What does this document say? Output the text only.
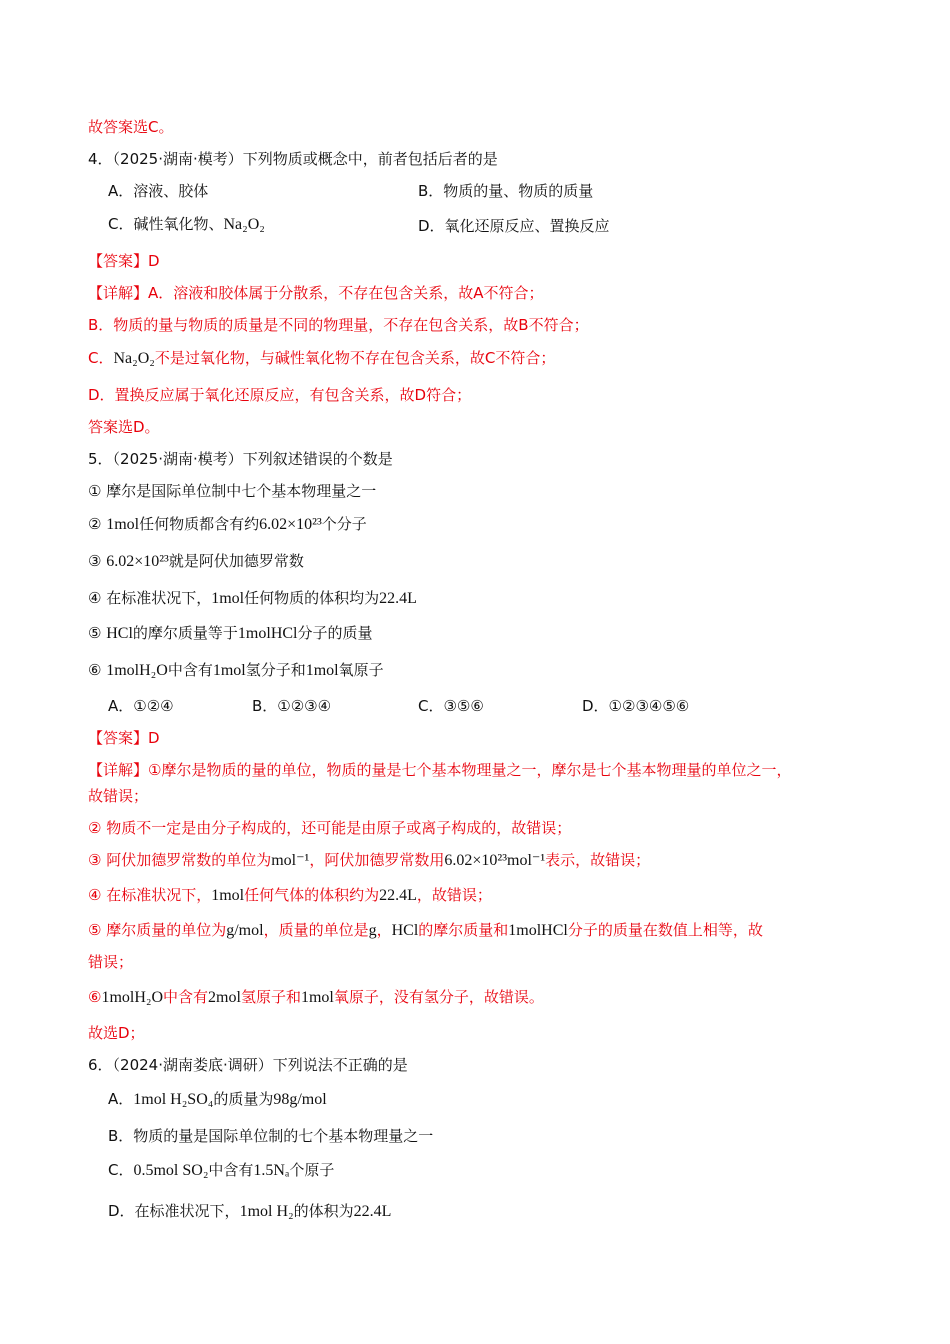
故答案选C。
4．（2025·湖南·模考）下列物质或概念中，前者包括后者的是
A．溶液、胶体	B．物质的量、物质的质量
C．碱性氧化物、Na₂O₂	D．氧化还原反应、置换反应
【答案】D
【详解】A．溶液和胶体属于分散系，不存在包含关系，故A不符合；
B．物质的量与物质的质量是不同的物理量，不存在包含关系，故B不符合；
C．Na₂O₂不是过氧化物，与碱性氧化物不存在包含关系，故C不符合；
D．置换反应属于氧化还原反应，有包含关系，故D符合；
答案选D。
5．（2025·湖南·模考）下列叙述错误的个数是
① 摩尔是国际单位制中七个基本物理量之一
② 1mol任何物质都含有约6.02×10²³个分子
③ 6.02×10²³就是阿伏加德罗常数
④ 在标准状况下，1mol任何物质的体积均为22.4L
⑤ HCl的摩尔质量等于1molHCl分子的质量
⑥ 1molH₂O中含有1mol氢分子和1mol氧原子
A．①②④	B．①②③④	C．③⑤⑥	D．①②③④⑤⑥
【答案】D
【详解】①摩尔是物质的量的单位，物质的量是七个基本物理量之一，摩尔是七个基本物理量的单位之一，
故错误；
② 物质不一定是由分子构成的，还可能是由原子或离子构成的，故错误；
③ 阿伏加德罗常数的单位为mol⁻¹，阿伏加德罗常数用6.02×10²³mol⁻¹表示，故错误；
④ 在标准状况下，1mol任何气体的体积约为22.4L，故错误；
⑤ 摩尔质量的单位为g/mol，质量的单位是g，HCl的摩尔质量和1molHCl分子的质量在数值上相等，故
错误；
⑥1molH₂O中含有2mol氢原子和1mol氧原子，没有氢分子，故错误。
故选D；
6．（2024·湖南娄底·调研）下列说法不正确的是
A．1mol H₂SO₄的质量为98g/mol
B．物质的量是国际单位制的七个基本物理量之一
C．0.5mol SO₂中含有1.5Nₐ个原子
D．在标准状况下，1mol H₂的体积为22.4L
